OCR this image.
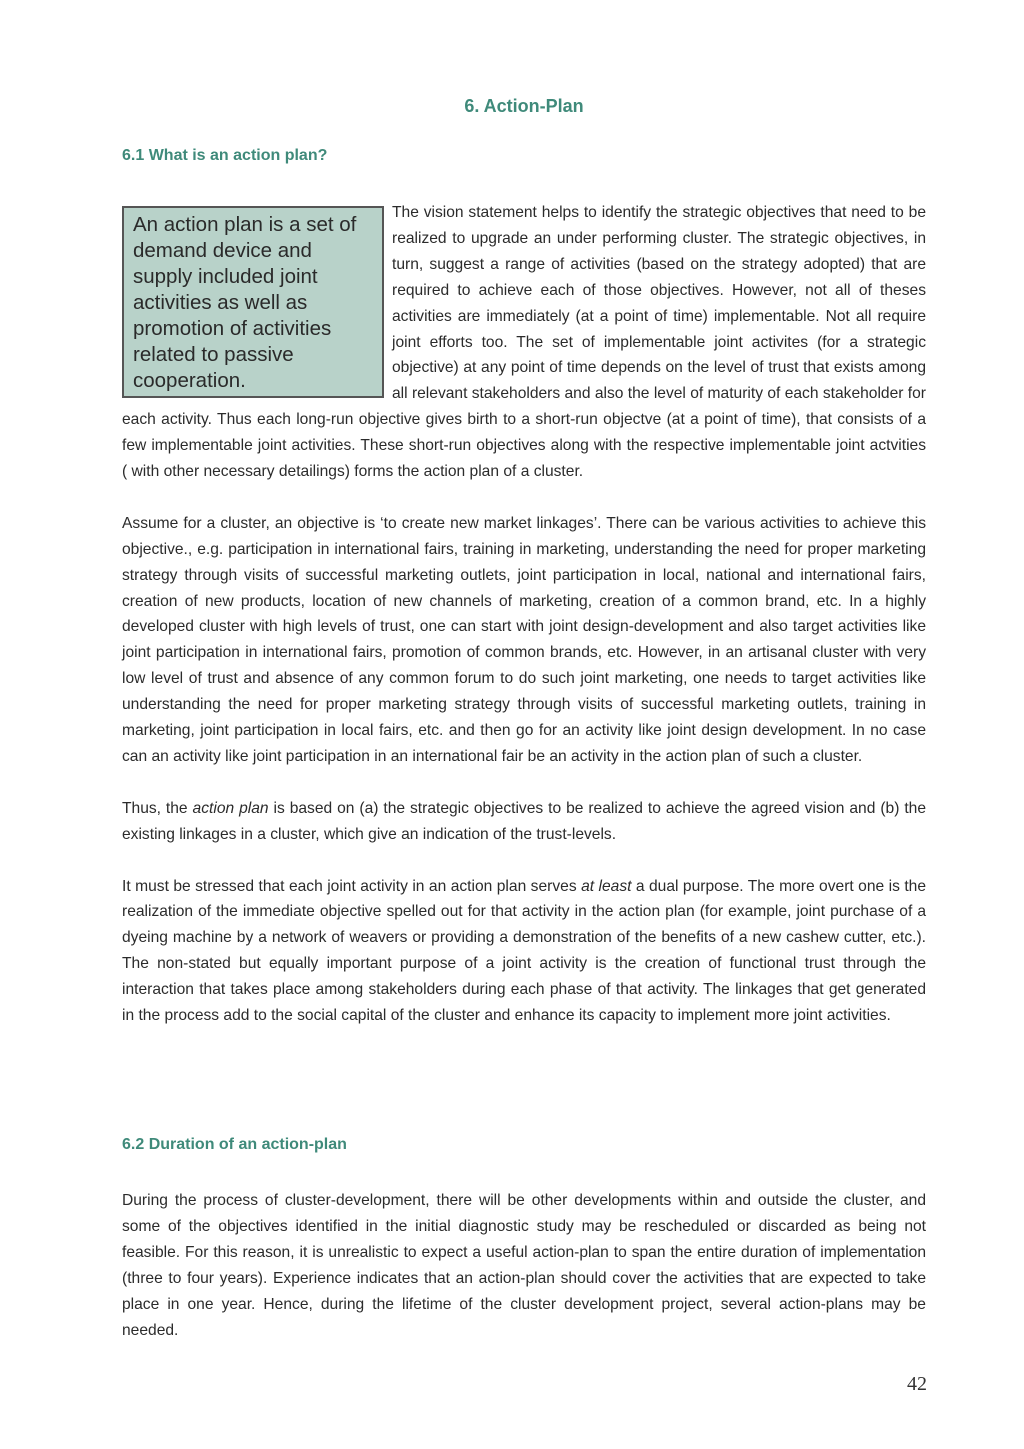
6. Action-Plan
6.1 What is an action plan?

An action plan is a set of demand device and supply included joint activities as well as promotion of activities related to passive cooperation.
The vision statement helps to identify the strategic objectives that need to be realized to upgrade an under performing cluster. The strategic objectives, in turn, suggest a range of activities (based on the strategy adopted) that are required to achieve each of those objectives. However, not all of theses activities are immediately (at a point of time) implementable. Not all require joint efforts too. The set of implementable joint activites (for a strategic objective) at any point of time depends on the level of trust that exists among all relevant stakeholders and also the level of maturity of each stakeholder for each activity. Thus each long-run objective gives birth to a short-run objectve (at a point of time), that consists of a few implementable joint activities. These short-run objectives along with the respective implementable joint actvities ( with other necessary detailings) forms the action plan of a cluster.

Assume for a cluster, an objective is ‘to create new market linkages’. There can be various activities to achieve this objective., e.g. participation in international fairs, training in marketing, understanding the need for proper marketing strategy through visits of successful marketing outlets, joint participation in local, national and international fairs, creation of new products, location of new channels of marketing, creation of a common brand, etc. In a highly developed cluster with high levels of trust, one can start with joint design-development and also target activities like joint participation in international fairs, promotion of common brands, etc. However, in an artisanal cluster with very low level of trust and absence of any common forum to do such joint marketing, one needs to target activities like understanding the need for proper marketing strategy through visits of successful marketing outlets, training in marketing, joint participation in local fairs, etc. and then go for an activity like joint design development. In no case can an activity like joint participation in an international fair be an activity in the action plan of such a cluster.

Thus, the action plan is based on (a) the strategic objectives to be realized to achieve the agreed vision and (b) the existing linkages in a cluster, which give an indication of the trust-levels.

It must be stressed that each joint activity in an action plan serves at least a dual purpose. The more overt one is the realization of the immediate objective spelled out for that activity in the action plan (for example, joint purchase of a dyeing machine by a network of weavers or providing a demonstration of the benefits of a new cashew cutter, etc.). The non-stated but equally important purpose of a joint activity is the creation of functional trust through the interaction that takes place among stakeholders during each phase of that activity. The linkages that get generated in the process add to the social capital of the cluster and enhance its capacity to implement more joint activities.

6.2 Duration of an action-plan

During the process of cluster-development, there will be other developments within and outside the cluster, and some of the objectives identified in the initial diagnostic study may be rescheduled or discarded as being not feasible. For this reason, it is unrealistic to expect a useful action-plan to span the entire duration of implementation (three to four years). Experience indicates that an action-plan should cover the activities that are expected to take place in one year. Hence, during the lifetime of the cluster development project, several action-plans may be needed.

42
